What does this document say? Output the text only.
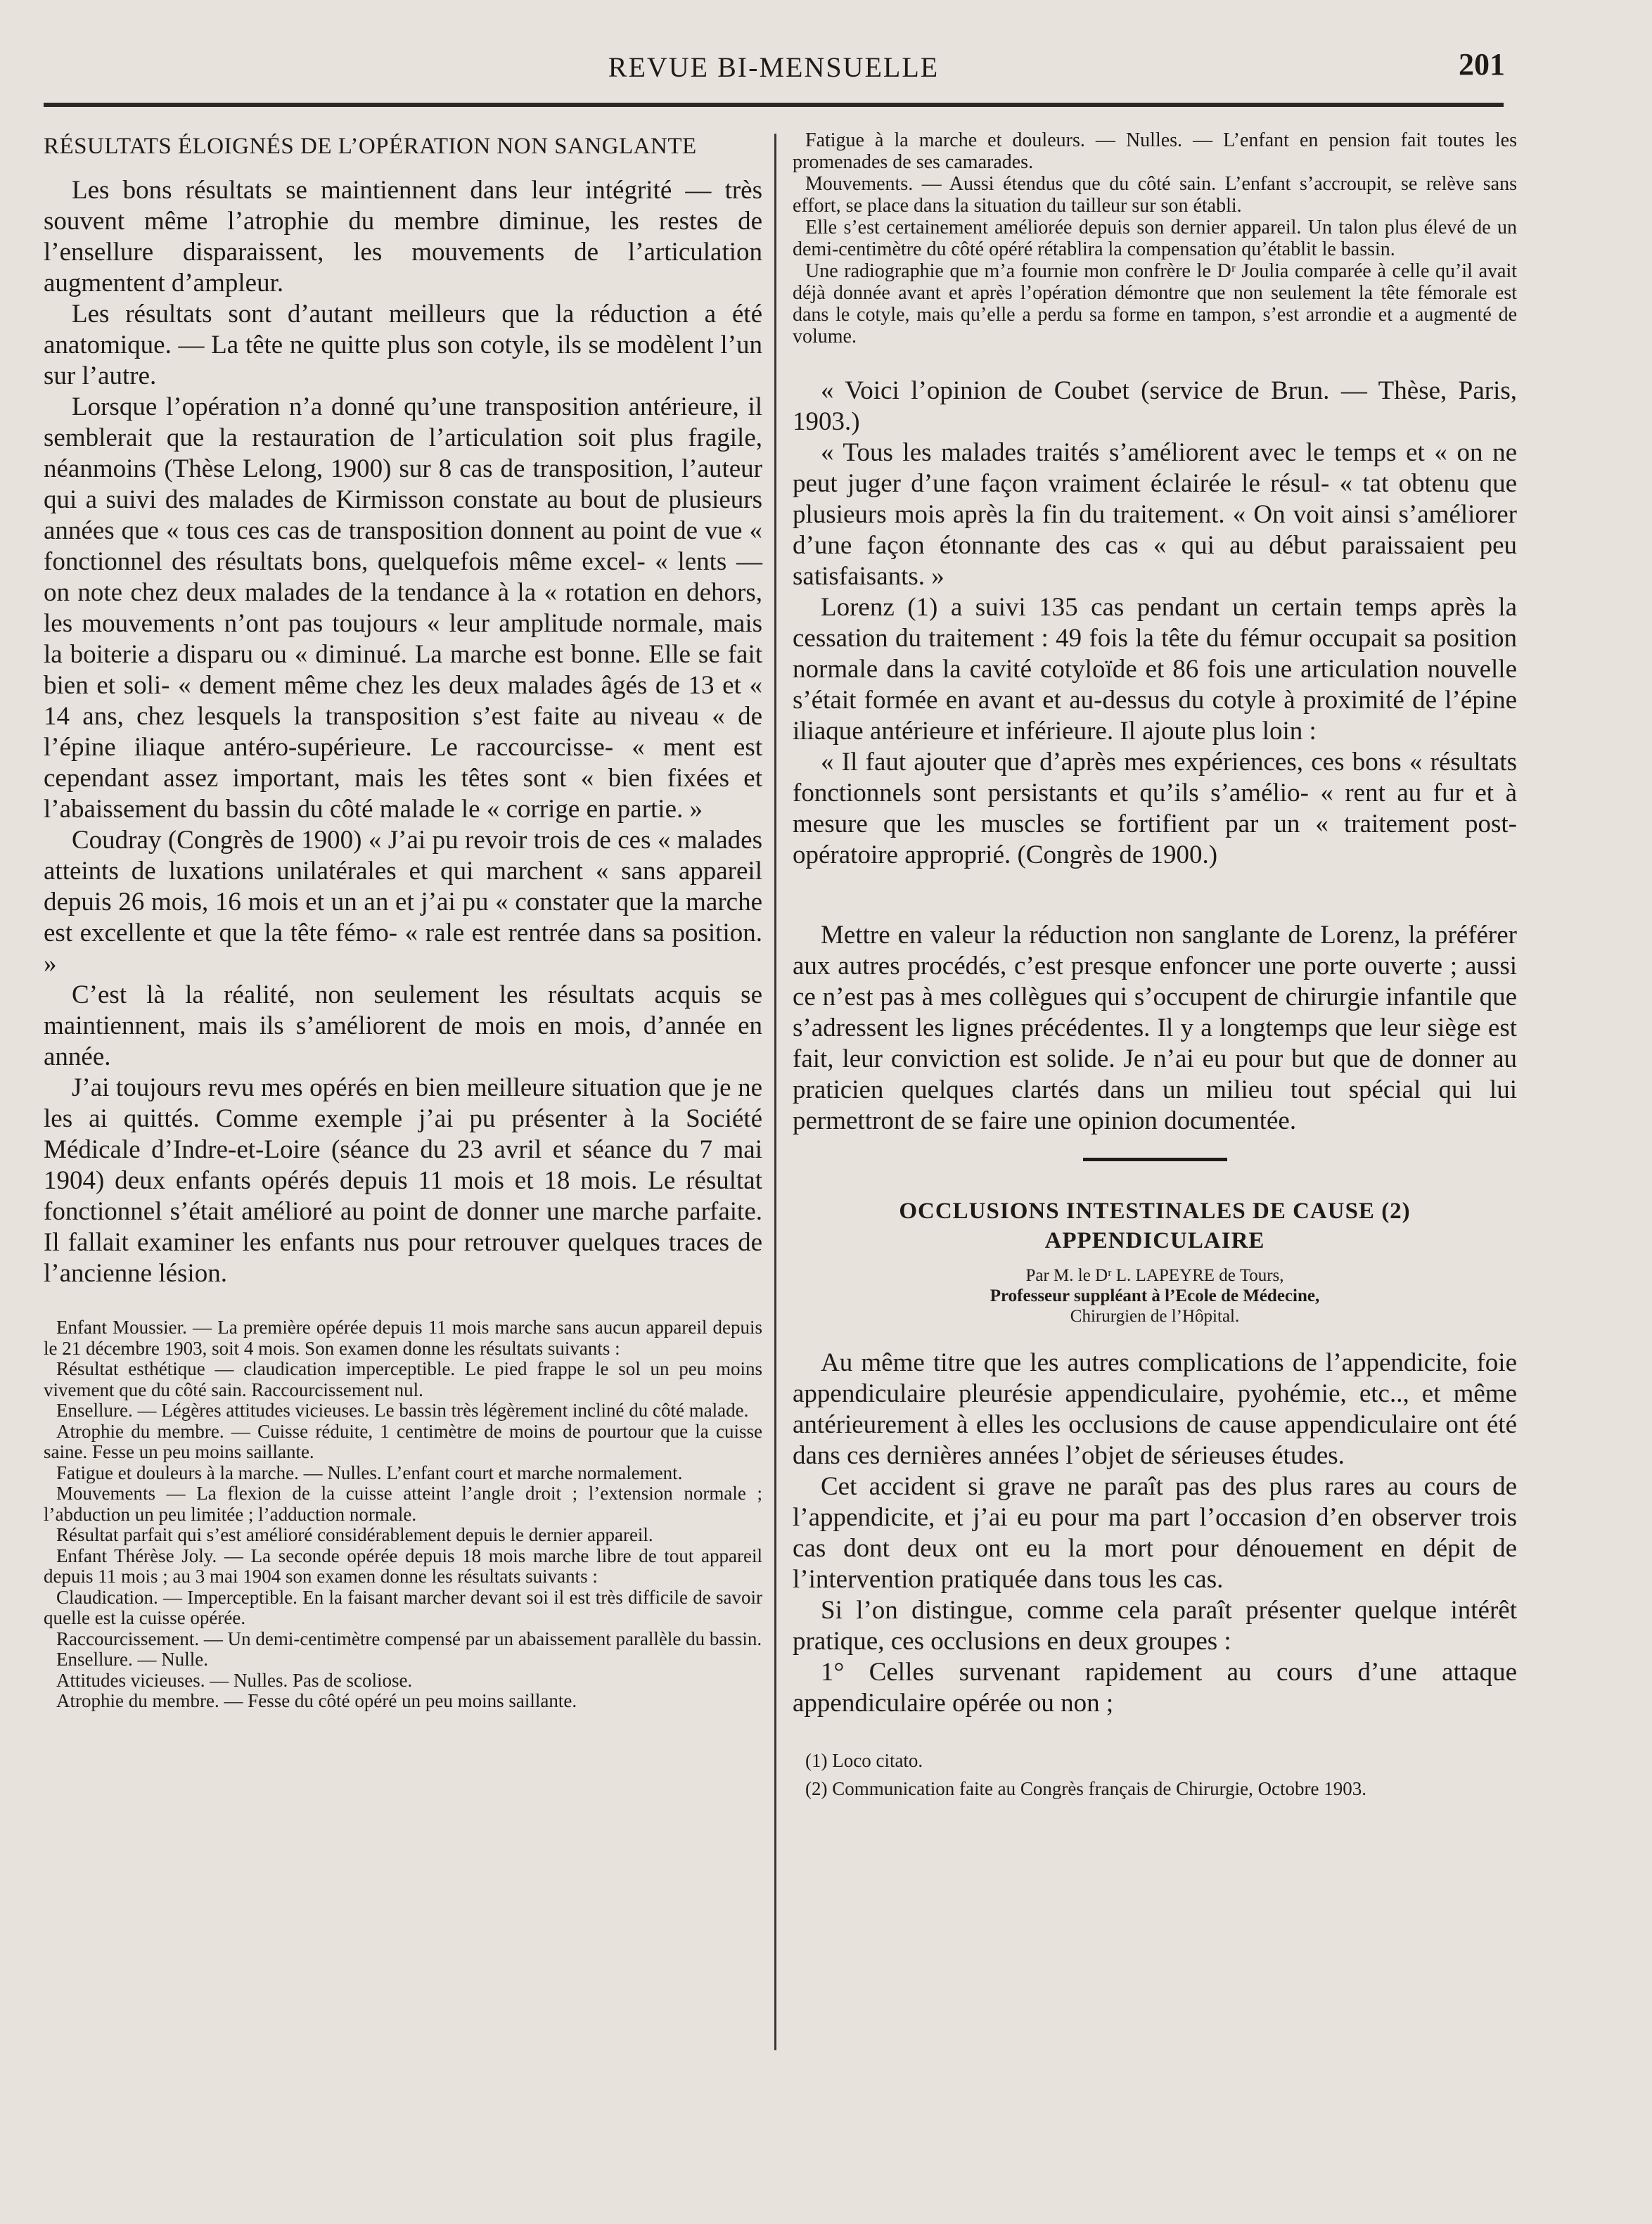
REVUE BI-MENSUELLE	201
RÉSULTATS ÉLOIGNÉS DE L’OPÉRATION NON SANGLANTE

Les bons résultats se maintiennent dans leur intégrité — très souvent même l’atrophie du membre diminue, les restes de l’ensellure disparaissent, les mouvements de l’articulation augmentent d’ampleur.

Les résultats sont d’autant meilleurs que la réduction a été anatomique. — La tête ne quitte plus son cotyle, ils se modèlent l’un sur l’autre.

Lorsque l’opération n’a donné qu’une transposition antérieure, il semblerait que la restauration de l’articulation soit plus fragile, néanmoins (Thèse Lelong, 1900) sur 8 cas de transposition, l’auteur qui a suivi des malades de Kirmisson constate au bout de plusieurs années que « tous ces cas de transposition donnent au point de vue « fonctionnel des résultats bons, quelquefois même excel- « lents — on note chez deux malades de la tendance à la « rotation en dehors, les mouvements n’ont pas toujours « leur amplitude normale, mais la boiterie a disparu ou « diminué. La marche est bonne. Elle se fait bien et soli- « dement même chez les deux malades âgés de 13 et « 14 ans, chez lesquels la transposition s’est faite au niveau « de l’épine iliaque antéro-supérieure. Le raccourcisse- « ment est cependant assez important, mais les têtes sont « bien fixées et l’abaissement du bassin du côté malade le « corrige en partie. »

Coudray (Congrès de 1900) « J’ai pu revoir trois de ces « malades atteints de luxations unilatérales et qui marchent « sans appareil depuis 26 mois, 16 mois et un an et j’ai pu « constater que la marche est excellente et que la tête fémo- « rale est rentrée dans sa position. »

C’est là la réalité, non seulement les résultats acquis se maintiennent, mais ils s’améliorent de mois en mois, d’année en année.

J’ai toujours revu mes opérés en bien meilleure situation que je ne les ai quittés. Comme exemple j’ai pu présenter à la Société Médicale d’Indre-et-Loire (séance du 23 avril et séance du 7 mai 1904) deux enfants opérés depuis 11 mois et 18 mois. Le résultat fonctionnel s’était amélioré au point de donner une marche parfaite. Il fallait examiner les enfants nus pour retrouver quelques traces de l’ancienne lésion.

Enfant Moussier. — La première opérée depuis 11 mois marche sans aucun appareil depuis le 21 décembre 1903, soit 4 mois. Son examen donne les résultats suivants :

Résultat esthétique — claudication imperceptible. Le pied frappe le sol un peu moins vivement que du côté sain. Raccourcissement nul.

Ensellure. — Légères attitudes vicieuses. Le bassin très légèrement incliné du côté malade.

Atrophie du membre. — Cuisse réduite, 1 centimètre de moins de pourtour que la cuisse saine. Fesse un peu moins saillante.

Fatigue et douleurs à la marche. — Nulles. L’enfant court et marche normalement.

Mouvements — La flexion de la cuisse atteint l’angle droit ; l’extension normale ; l’abduction un peu limitée ; l’adduction normale.

Résultat parfait qui s’est amélioré considérablement depuis le dernier appareil.

Enfant Thérèse Joly. — La seconde opérée depuis 18 mois marche libre de tout appareil depuis 11 mois ; au 3 mai 1904 son examen donne les résultats suivants :

Claudication. — Imperceptible. En la faisant marcher devant soi il est très difficile de savoir quelle est la cuisse opérée.

Raccourcissement. — Un demi-centimètre compensé par un abaissement parallèle du bassin.

Ensellure. — Nulle.

Attitudes vicieuses. — Nulles. Pas de scoliose.

Atrophie du membre. — Fesse du côté opéré un peu moins saillante.

Fatigue à la marche et douleurs. — Nulles. — L’enfant en pension fait toutes les promenades de ses camarades.

Mouvements. — Aussi étendus que du côté sain. L’enfant s’accroupit, se relève sans effort, se place dans la situation du tailleur sur son établi.

Elle s’est certainement améliorée depuis son dernier appareil. Un talon plus élevé de un demi-centimètre du côté opéré rétablira la compensation qu’établit le bassin.

Une radiographie que m’a fournie mon confrère le Dʳ Joulia comparée à celle qu’il avait déjà donnée avant et après l’opération démontre que non seulement la tête fémorale est dans le cotyle, mais qu’elle a perdu sa forme en tampon, s’est arrondie et a augmenté de volume.

« Voici l’opinion de Coubet (service de Brun. — Thèse, Paris, 1903.)

« Tous les malades traités s’améliorent avec le temps et « on ne peut juger d’une façon vraiment éclairée le résul- « tat obtenu que plusieurs mois après la fin du traitement. « On voit ainsi s’améliorer d’une façon étonnante des cas « qui au début paraissaient peu satisfaisants. »

Lorenz (1) a suivi 135 cas pendant un certain temps après la cessation du traitement : 49 fois la tête du fémur occupait sa position normale dans la cavité cotyloïde et 86 fois une articulation nouvelle s’était formée en avant et au-dessus du cotyle à proximité de l’épine iliaque antérieure et inférieure. Il ajoute plus loin :

« Il faut ajouter que d’après mes expériences, ces bons « résultats fonctionnels sont persistants et qu’ils s’amélio- « rent au fur et à mesure que les muscles se fortifient par un « traitement post-opératoire approprié. (Congrès de 1900.)

Mettre en valeur la réduction non sanglante de Lorenz, la préférer aux autres procédés, c’est presque enfoncer une porte ouverte ; aussi ce n’est pas à mes collègues qui s’occupent de chirurgie infantile que s’adressent les lignes précédentes. Il y a longtemps que leur siège est fait, leur conviction est solide. Je n’ai eu pour but que de donner au praticien quelques clartés dans un milieu tout spécial qui lui permettront de se faire une opinion documentée.

OCCLUSIONS INTESTINALES DE CAUSE (2)

APPENDICULAIRE

Par M. le Dʳ L. LAPEYRE de Tours,
Professeur suppléant à l’Ecole de Médecine,
Chirurgien de l’Hôpital.

Au même titre que les autres complications de l’appendicite, foie appendiculaire pleurésie appendiculaire, pyohémie, etc.., et même antérieurement à elles les occlusions de cause appendiculaire ont été dans ces dernières années l’objet de sérieuses études.

Cet accident si grave ne paraît pas des plus rares au cours de l’appendicite, et j’ai eu pour ma part l’occasion d’en observer trois cas dont deux ont eu la mort pour dénouement en dépit de l’intervention pratiquée dans tous les cas.

Si l’on distingue, comme cela paraît présenter quelque intérêt pratique, ces occlusions en deux groupes :

1° Celles survenant rapidement au cours d’une attaque appendiculaire opérée ou non ;

(1) Loco citato.

(2) Communication faite au Congrès français de Chirurgie, Octobre 1903.
